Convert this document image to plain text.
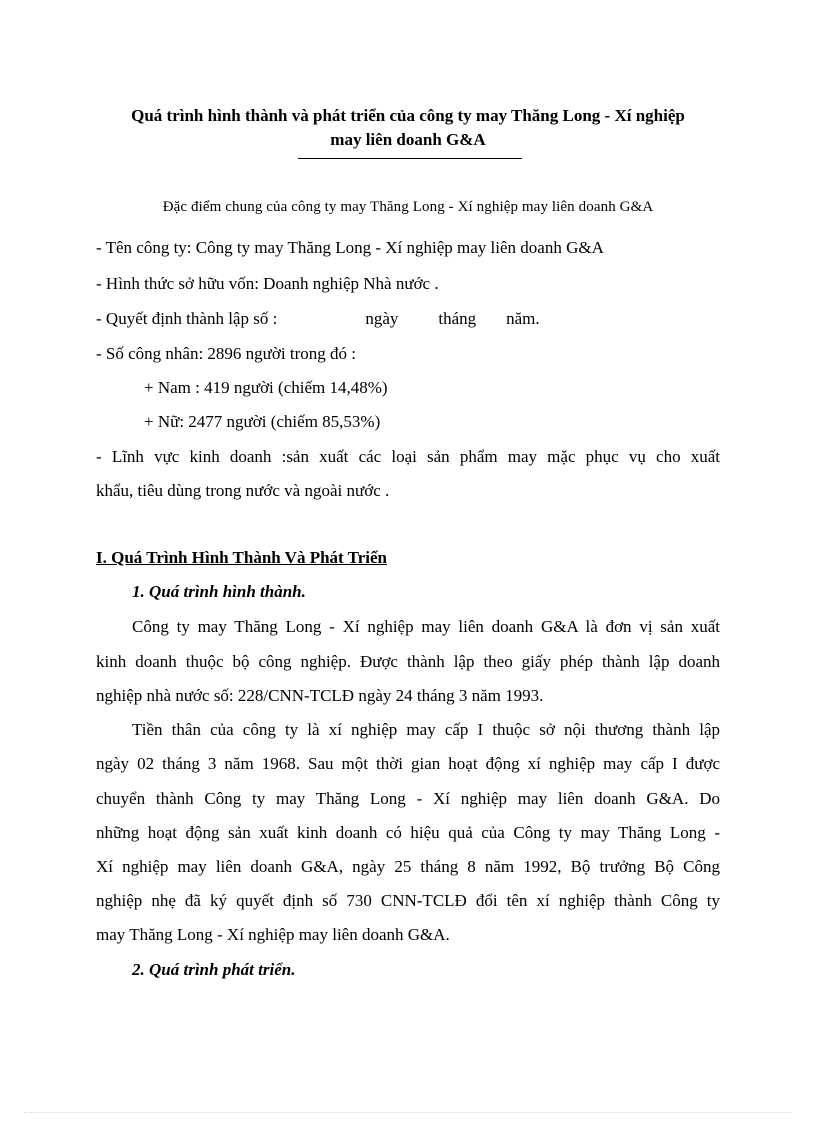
Quá trình hình thành và phát triển của công ty may Thăng Long - Xí nghiệp
may liên doanh G&A
Đặc điểm chung của công ty may Thăng Long - Xí nghiệp may liên doanh G&A
- Tên công ty: Công ty may Thăng Long - Xí nghiệp may liên doanh G&A
- Hình thức sở hữu vốn: Doanh nghiệp Nhà nước .
- Quyết định thành lập số :	ngày tháng năm.
- Số công nhân: 2896 người trong đó :
+ Nam : 419 người (chiếm 14,48%)
+ Nữ: 2477 người (chiếm 85,53%)
- Lĩnh vực kinh doanh :sản xuất các loại sản phẩm may mặc phục vụ cho xuất
khẩu, tiêu dùng trong nước và ngoài nước .
I. Quá Trình Hình Thành Và Phát Triển
1. Quá trình hình thành.
Công ty may Thăng Long - Xí nghiệp may liên doanh G&A là đơn vị sản xuất
kinh doanh thuộc bộ công nghiệp. Được thành lập theo giấy phép thành lập doanh
nghiệp nhà nước số: 228/CNN-TCLĐ ngày 24 tháng 3 năm 1993.
Tiền thân của công ty là xí nghiệp may cấp I thuộc sở nội thương thành lập
ngày 02 tháng 3 năm 1968. Sau một thời gian hoạt động xí nghiệp may cấp I được
chuyển thành Công ty may Thăng Long - Xí nghiệp may liên doanh G&A. Do
những hoạt động sản xuất kinh doanh có hiệu quả của Công ty may Thăng Long -
Xí nghiệp may liên doanh G&A, ngày 25 tháng 8 năm 1992, Bộ trưởng Bộ Công
nghiệp nhẹ đã ký quyết định số 730 CNN-TCLĐ đổi tên xí nghiệp thành Công ty
may Thăng Long - Xí nghiệp may liên doanh G&A.
2. Quá trình phát triển.
